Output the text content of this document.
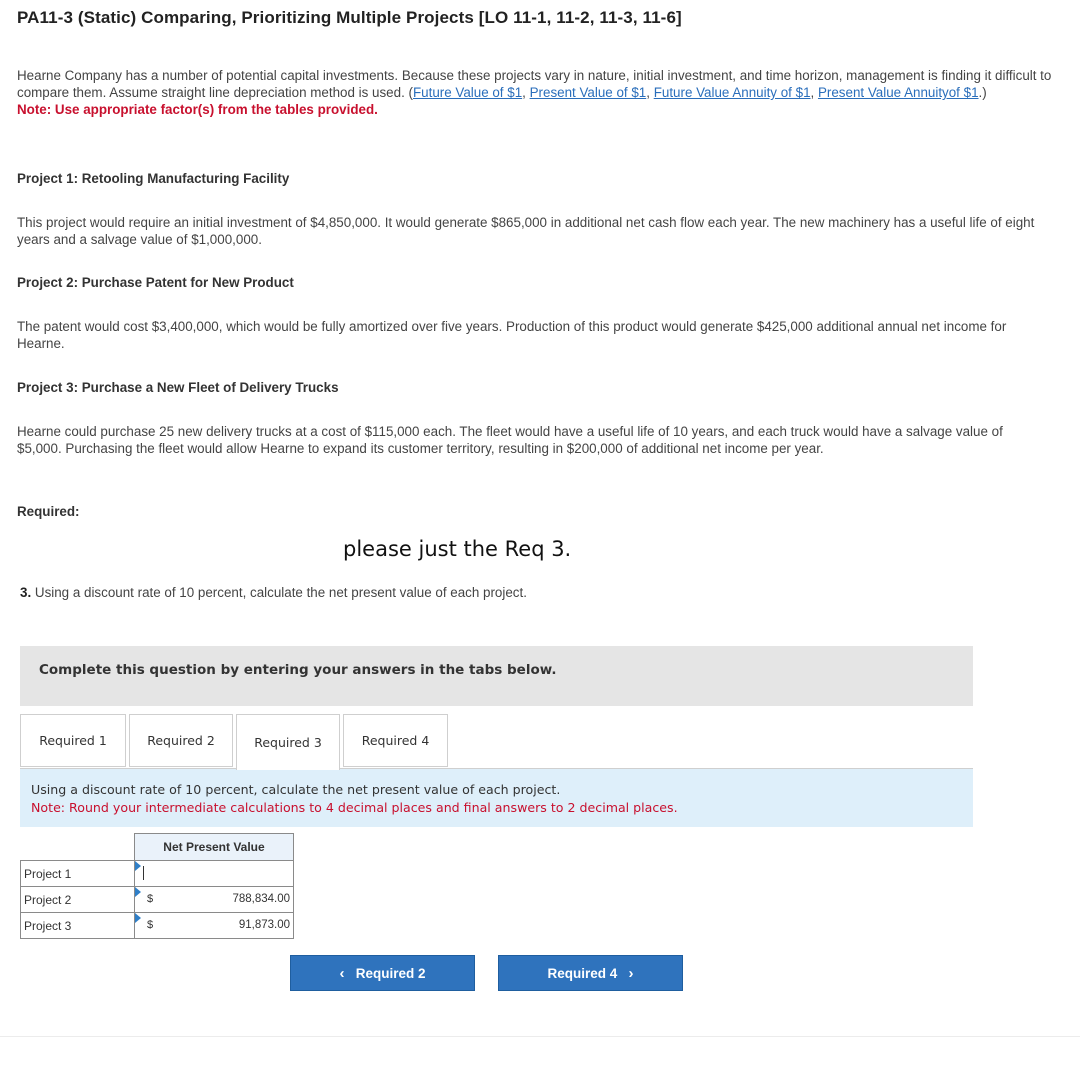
PA11-3 (Static) Comparing, Prioritizing Multiple Projects [LO 11-1, 11-2, 11-3, 11-6]
Hearne Company has a number of potential capital investments. Because these projects vary in nature, initial investment, and time horizon, management is finding it difficult to compare them. Assume straight line depreciation method is used. (Future Value of $1, Present Value of $1, Future Value Annuity of $1, Present Value Annuityof $1.)
Note: Use appropriate factor(s) from the tables provided.
Project 1: Retooling Manufacturing Facility
This project would require an initial investment of $4,850,000. It would generate $865,000 in additional net cash flow each year. The new machinery has a useful life of eight years and a salvage value of $1,000,000.
Project 2: Purchase Patent for New Product
The patent would cost $3,400,000, which would be fully amortized over five years. Production of this product would generate $425,000 additional annual net income for Hearne.
Project 3: Purchase a New Fleet of Delivery Trucks
Hearne could purchase 25 new delivery trucks at a cost of $115,000 each. The fleet would have a useful life of 10 years, and each truck would have a salvage value of $5,000. Purchasing the fleet would allow Hearne to expand its customer territory, resulting in $200,000 of additional net income per year.
Required:
please just the Req 3.
3. Using a discount rate of 10 percent, calculate the net present value of each project.
Complete this question by entering your answers in the tabs below.
Required 1	Required 2	Required 3	Required 4
Using a discount rate of 10 percent, calculate the net present value of each project.
Note: Round your intermediate calculations to 4 decimal places and final answers to 2 decimal places.
	Net Present Value
Project 1	

Project 2	$ 788,834.00

Project 3	$ 91,873.00
‹
Required 2	Required 4
›
